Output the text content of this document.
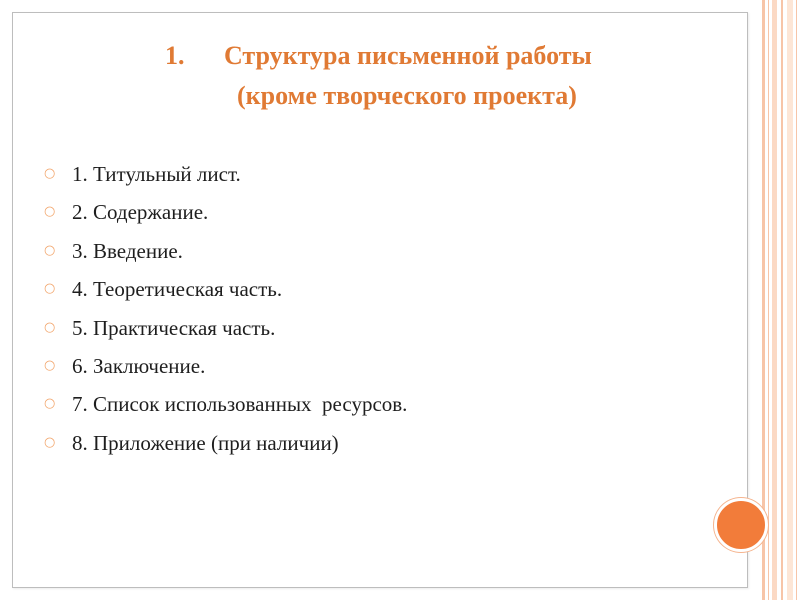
1. Структура письменной работы
(кроме творческого проекта)
○ 1. Титульный лист.
○ 2. Содержание.
○ 3. Введение.
○ 4. Теоретическая часть.
○ 5. Практическая часть.
○ 6. Заключение.
○ 7. Список использованных  ресурсов.
○ 8. Приложение (при наличии)
